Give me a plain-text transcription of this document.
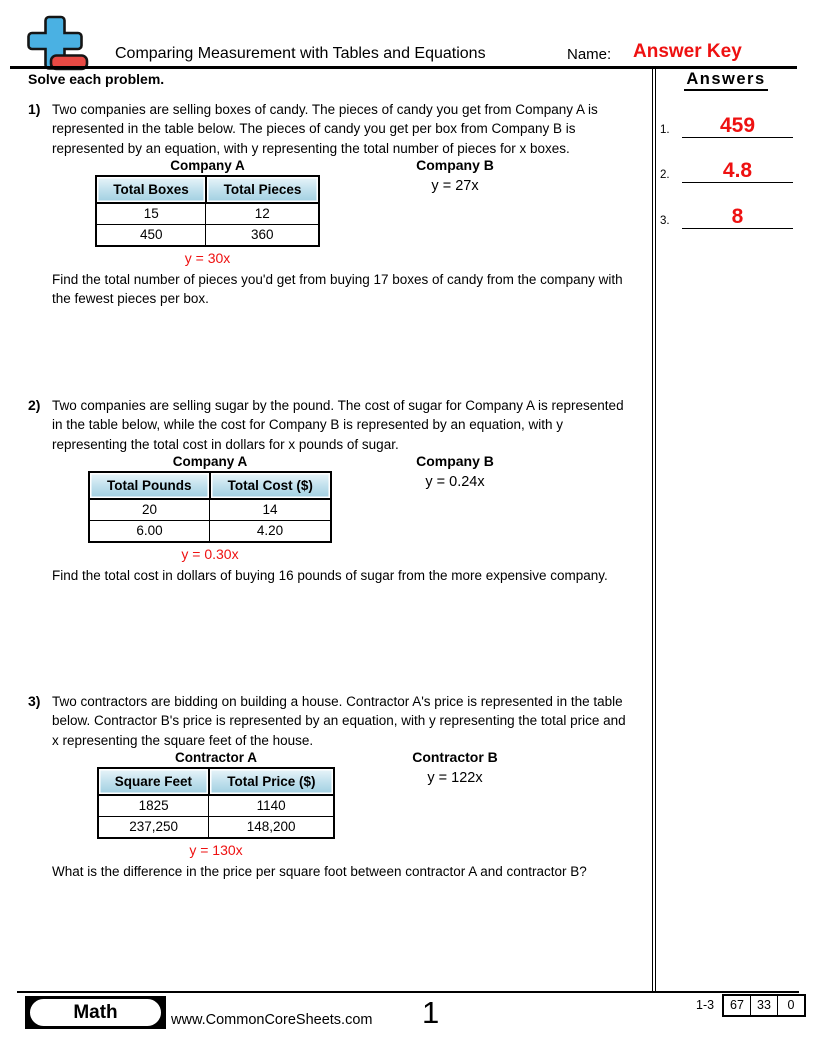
Comparing Measurement with Tables and Equations	Name: Answer Key
Solve each problem.	Answers
1.	459
2.	4.8
3.	8
1) Two companies are selling boxes of candy. The pieces of candy you get from Company A is represented in the table below. The pieces of candy you get per box from Company B is represented by an equation, with y representing the total number of pieces for x boxes.
Company A
Total Boxes	Total Pieces
15	12
450	360
y = 30x
Company B
y = 27x
Find the total number of pieces you'd get from buying 17 boxes of candy from the company with the fewest pieces per box.
2) Two companies are selling sugar by the pound. The cost of sugar for Company A is represented in the table below, while the cost for Company B is represented by an equation, with y representing the total cost in dollars for x pounds of sugar.
Company A
Total Pounds	Total Cost ($)
20	14
6.00	4.20
y = 0.30x
Company B
y = 0.24x
Find the total cost in dollars of buying 16 pounds of sugar from the more expensive company.
3) Two contractors are bidding on building a house. Contractor A's price is represented in the table below. Contractor B's price is represented by an equation, with y representing the total price and x representing the square feet of the house.
Contractor A
Square Feet	Total Price ($)
1825	1140
237,250	148,200
y = 130x
Contractor B
y = 122x
What is the difference in the price per square foot between contractor A and contractor B?
Math	www.CommonCoreSheets.com 1	1-3	67	33	0
